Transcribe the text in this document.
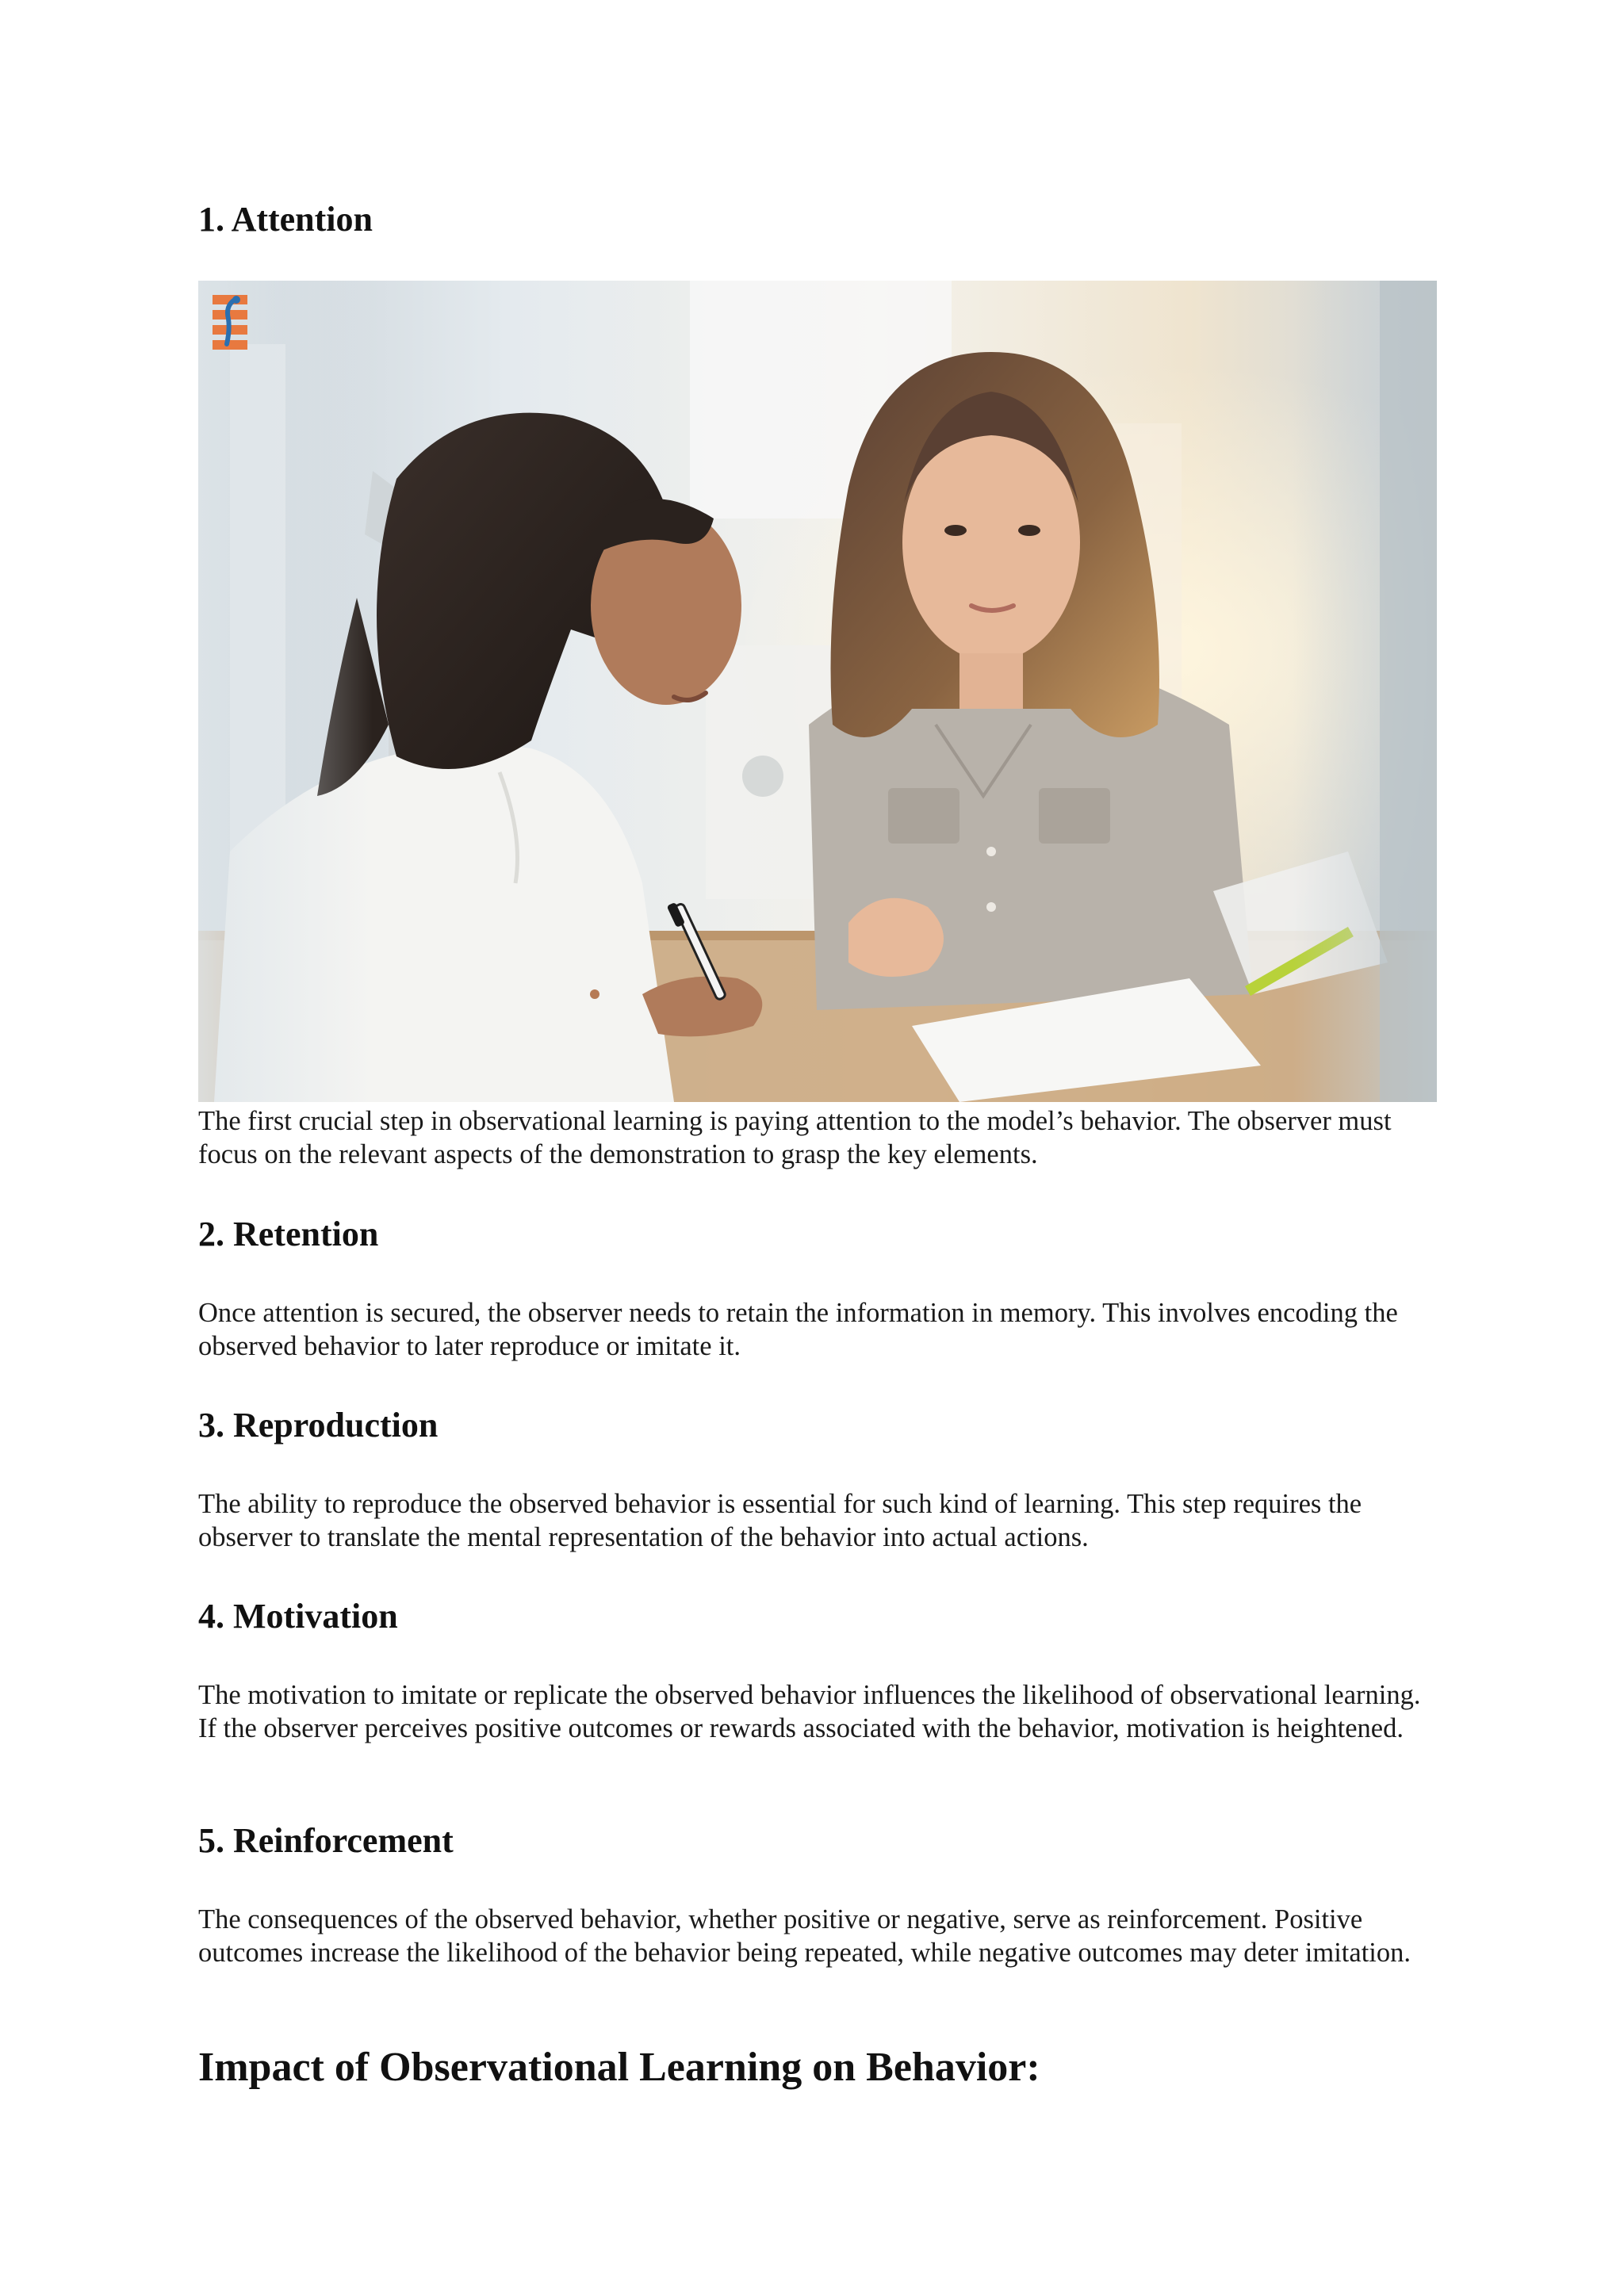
1. Attention

The first crucial step in observational learning is paying attention to the model’s behavior. The observer must focus on the relevant aspects of the demonstration to grasp the key elements.

2. Retention

Once attention is secured, the observer needs to retain the information in memory. This involves encoding the observed behavior to later reproduce or imitate it.

3. Reproduction

The ability to reproduce the observed behavior is essential for such kind of learning. This step requires the observer to translate the mental representation of the behavior into actual actions.

4. Motivation

The motivation to imitate or replicate the observed behavior influences the likelihood of observational learning. If the observer perceives positive outcomes or rewards associated with the behavior, motivation is heightened.

5. Reinforcement

The consequences of the observed behavior, whether positive or negative, serve as reinforcement. Positive outcomes increase the likelihood of the behavior being repeated, while negative outcomes may deter imitation.

Impact of Observational Learning on Behavior:
